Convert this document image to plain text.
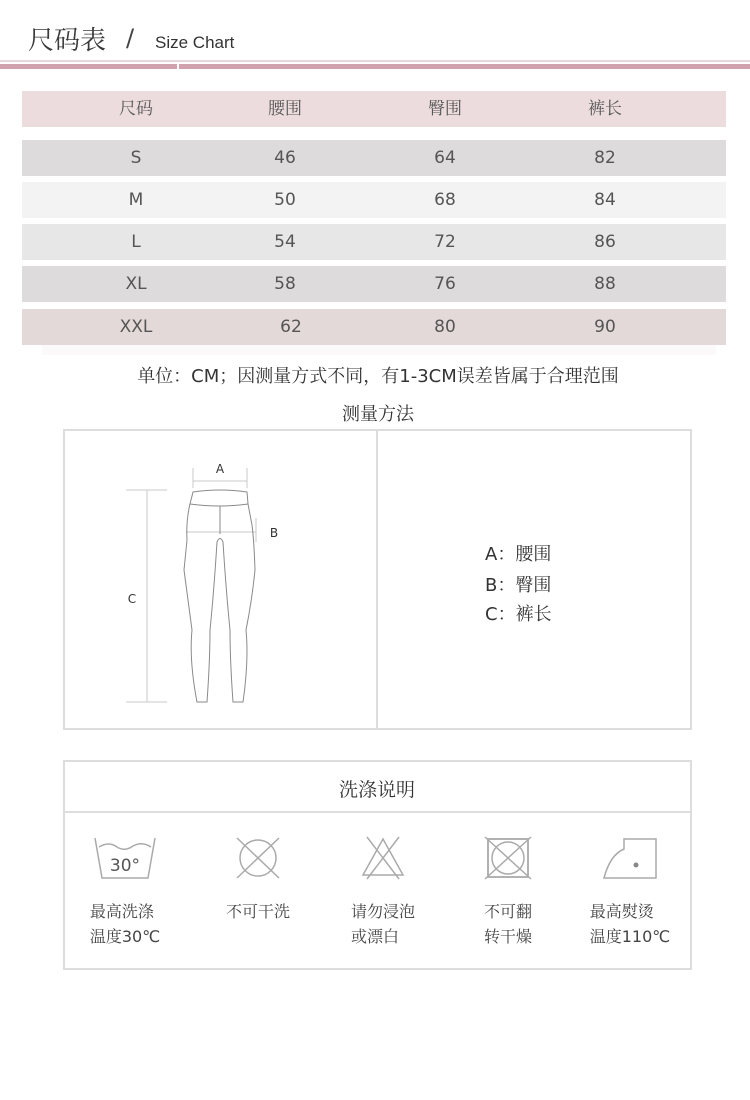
尺码表 / Size Chart
尺码	腰围	臀围	裤长
S	46	64	82
M	50	68	84
L	54	72	86
XL	58	76	88
XXL	62	80	90
单位：CM；因测量方式不同，有1-3CM误差皆属于合理范围
测量方法
A
B
C
A：腰围
B：臀围
C：裤长
洗涤说明
30°
最高洗涤
温度30℃
不可干洗	请勿浸泡
或漂白
不可翻
转干燥
最高熨烫
温度110℃
